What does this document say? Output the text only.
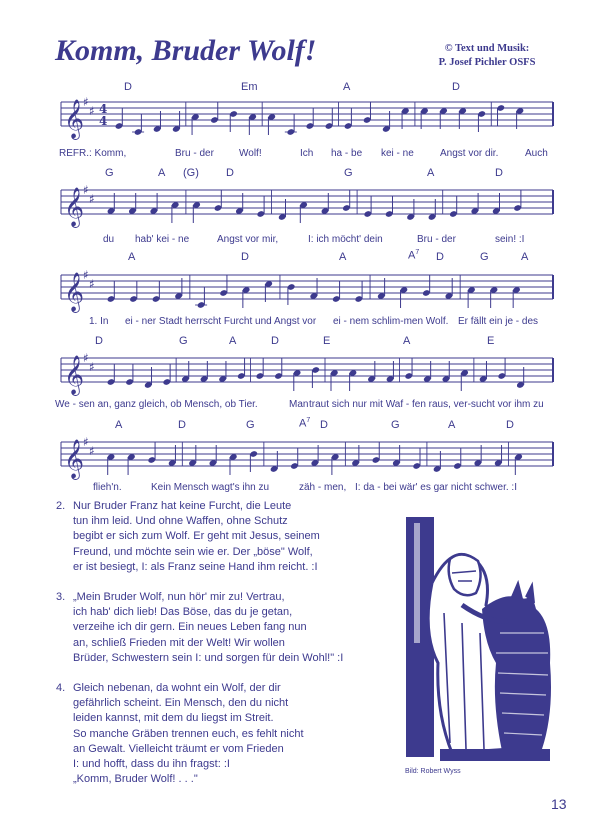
Komm, Bruder Wolf!	© Text und Musik:
P. Josef Pichler OSFS
𝄞
♯
♯ 4
4
D	Em	A	D
REFR.: Komm,	Bru - der	Wolf!	Ich ha - be kei - ne	Angst vor dir.	Auch
𝄞
♯
♯
G	A (G) D	G	A	D
du hab' kei - ne	Angst vor mir,	I: ich möcht' dein	Bru - der	sein! :I
𝄞
♯
♯
A	D	A	$A^7$ D	G	A
1. In ei - ner Stadt herrscht Furcht und Angst vor ei - nem schlim-men Wolf. Er fällt ein je - des
𝄞
♯
♯
D	G	A	D	E	A	E
We - sen an, ganz gleich, ob Mensch, ob Tier.	Man traut sich nur mit Waf - fen raus, ver-sucht vor ihm zu
𝄞
♯
♯
A	D	G	$A^7$ D	G	A	D
flieh'n.	Kein Mensch wagt's ihn zu	zäh - men, I: da - bei wär' es gar nicht schwer. :I
2. Nur Bruder Franz hat keine Furcht, die Leute
tun ihm leid. Und ohne Waffen, ohne Schutz
begibt er sich zum Wolf. Er geht mit Jesus, seinem
Freund, und möchte sein wie er. Der „böse" Wolf,
er ist besiegt, I: als Franz seine Hand ihm reicht. :I
3. „Mein Bruder Wolf, nun hör' mir zu! Vertrau,
ich hab' dich lieb! Das Böse, das du je getan,
verzeihe ich dir gern. Ein neues Leben fang nun
an, schließ Frieden mit der Welt! Wir wollen
Brüder, Schwestern sein I: und sorgen für dein Wohl!" :I
4. Gleich nebenan, da wohnt ein Wolf, der dir
gefährlich scheint. Ein Mensch, den du nicht
leiden kannst, mit dem du liegst im Streit.
So manche Gräben trennen euch, es fehlt nicht
an Gewalt. Vielleicht träumt er vom Frieden
I: und hofft, dass du ihn fragst: :I
„Komm, Bruder Wolf! . . ."
Bild: Robert Wyss
13
